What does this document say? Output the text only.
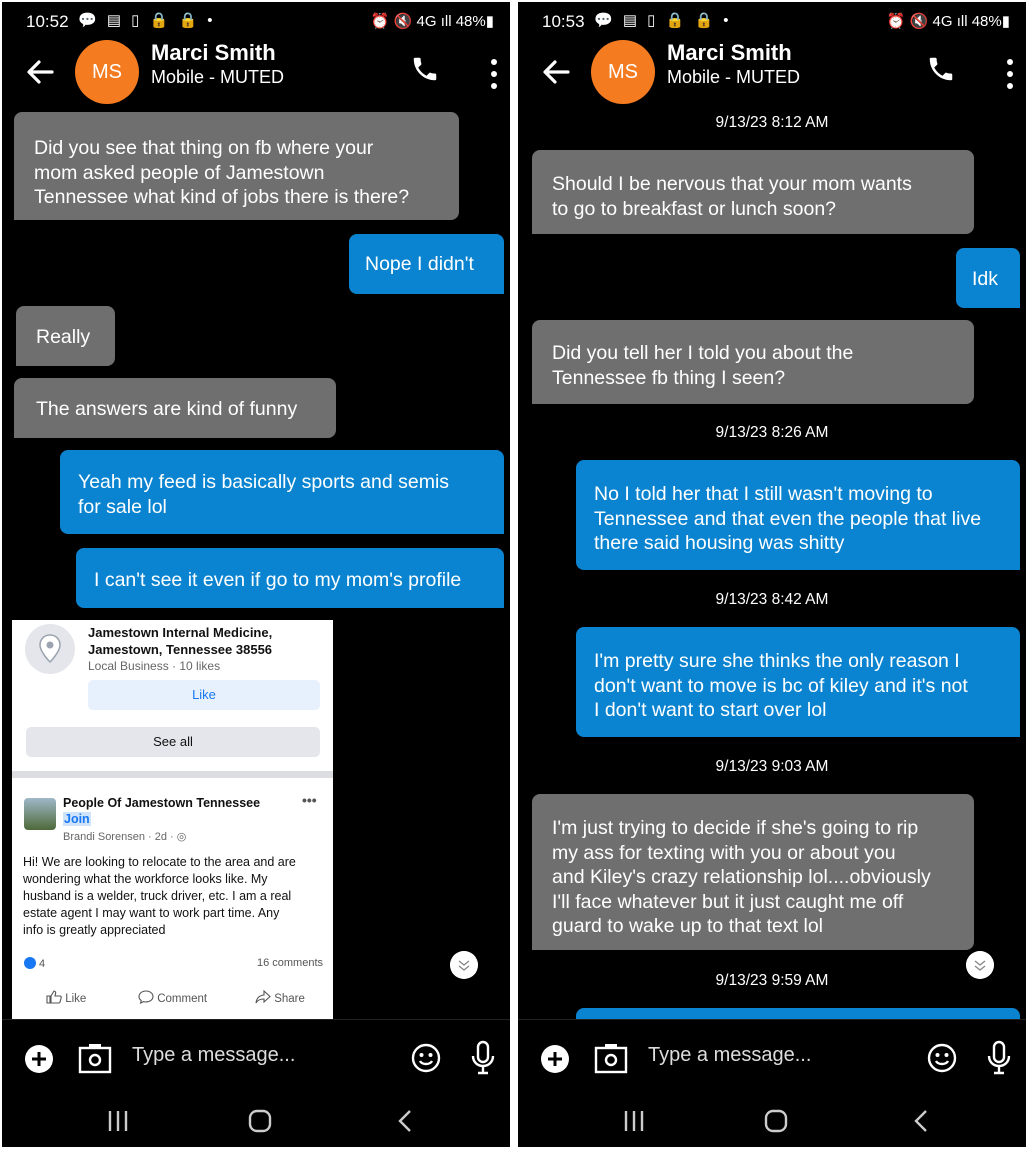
10:52 💬 ▤ ▯ 🔒 🔒 •	⏰ 🔇 4G ıll 48%▮
MS
Marci Smith
Mobile - MUTED
Did you see that thing on fb where your
mom asked people of Jamestown
Tennessee what kind of jobs there is there?
Nope I didn't
Really
The answers are kind of funny
Yeah my feed is basically sports and semis
for sale lol
I can't see it even if go to my mom's profile
Jamestown Internal Medicine,
Jamestown, Tennessee 38556
Local Business · 10 likes
Like
See all
People Of Jamestown Tennessee
Join
•••
Brandi Sorensen · 2d · ◎
Hi! We are looking to relocate to the area and are
wondering what the workforce looks like. My
husband is a welder, truck driver, etc. I am a real
estate agent I may want to work part time. Any
info is greatly appreciated
4	16 comments
Like	Comment	Share
Type a message...
10:53 💬 ▤ ▯ 🔒 🔒 •	⏰ 🔇 4G ıll 48%▮
MS
Marci Smith
Mobile - MUTED
9/13/23 8:12 AM
Should I be nervous that your mom wants
to go to breakfast or lunch soon?
Idk
Did you tell her I told you about the
Tennessee fb thing I seen?
9/13/23 8:26 AM
No I told her that I still wasn't moving to
Tennessee and that even the people that live
there said housing was shitty
9/13/23 8:42 AM
I'm pretty sure she thinks the only reason I
don't want to move is bc of kiley and it's not
I don't want to start over lol
9/13/23 9:03 AM
I'm just trying to decide if she's going to rip
my ass for texting with you or about you
and Kiley's crazy relationship lol....obviously
I'll face whatever but it just caught me off
guard to wake up to that text lol
9/13/23 9:59 AM
Type a message...
